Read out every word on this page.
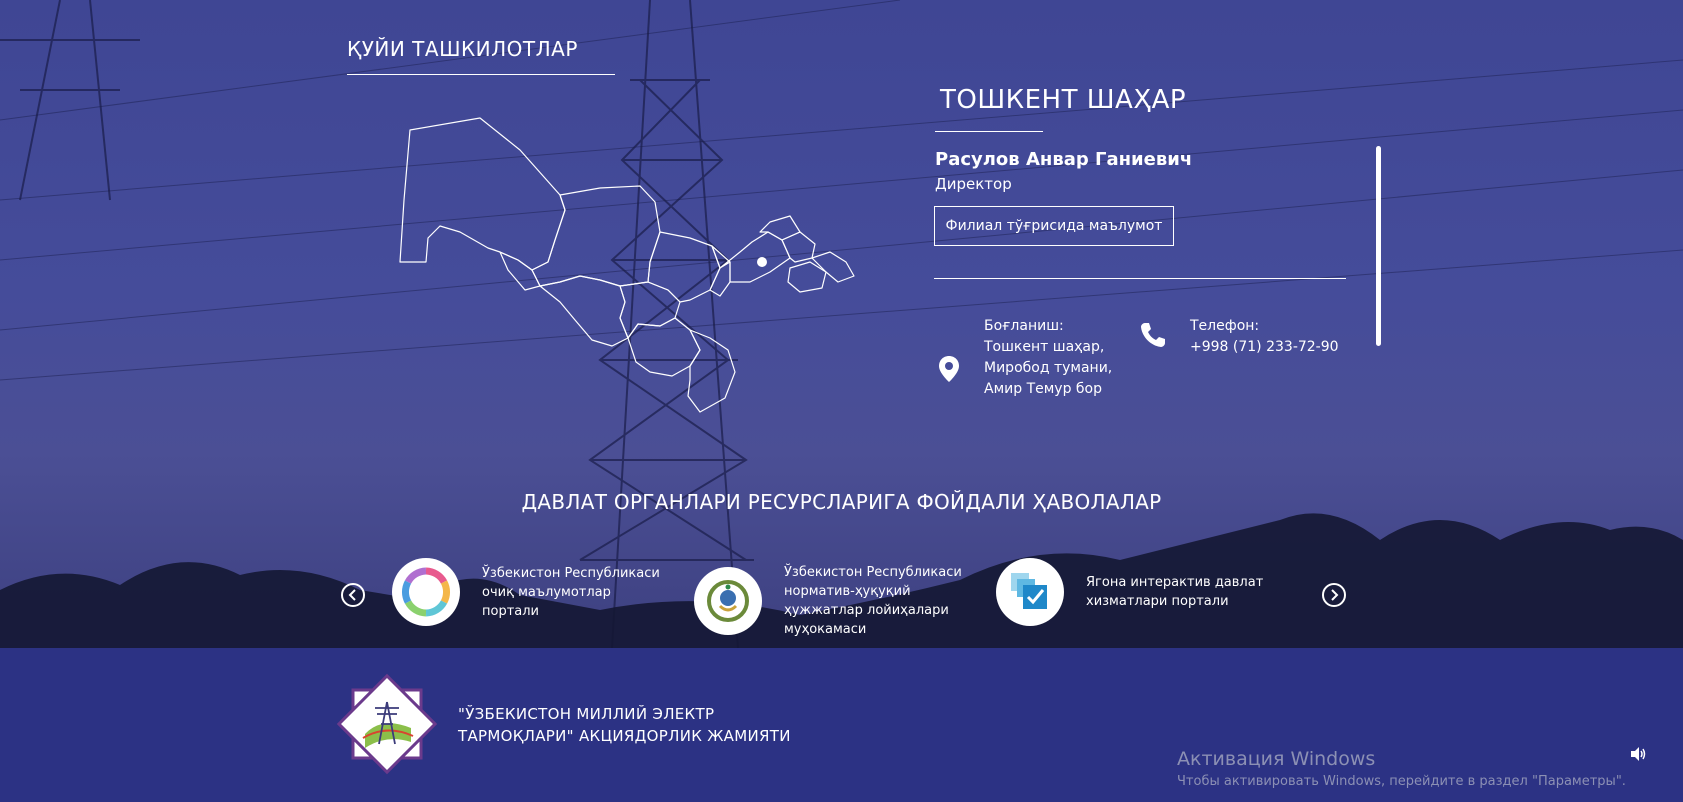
ҚУЙИ ТАШКИЛОТЛАР
ТОШКЕНТ ШАҲАР
Расулов Анвар Ганиевич
Директор
Филиал тўғрисида маълумот
Боғланиш:
Тошкент шаҳар,
Миробод тумани,
Амир Темур бор
Телефон:
+998 (71) 233-72-90
ДАВЛАТ ОРГАНЛАРИ РЕСУРСЛАРИГА ФОЙДАЛИ ҲАВОЛАЛАР
Ўзбекистон Республикаси
очиқ маълумотлар
портали
Ўзбекистон Республикаси
норматив-ҳуқуқий
ҳужжатлар лойиҳалари
муҳокамаси
Ягона интерактив давлат
хизматлари портали
"ЎЗБЕКИСТОН МИЛЛИЙ ЭЛЕКТР
ТАРМОҚЛАРИ" АКЦИЯДОРЛИК ЖАМИЯТИ
Активация Windows
Чтобы активировать Windows, перейдите в раздел "Параметры".
